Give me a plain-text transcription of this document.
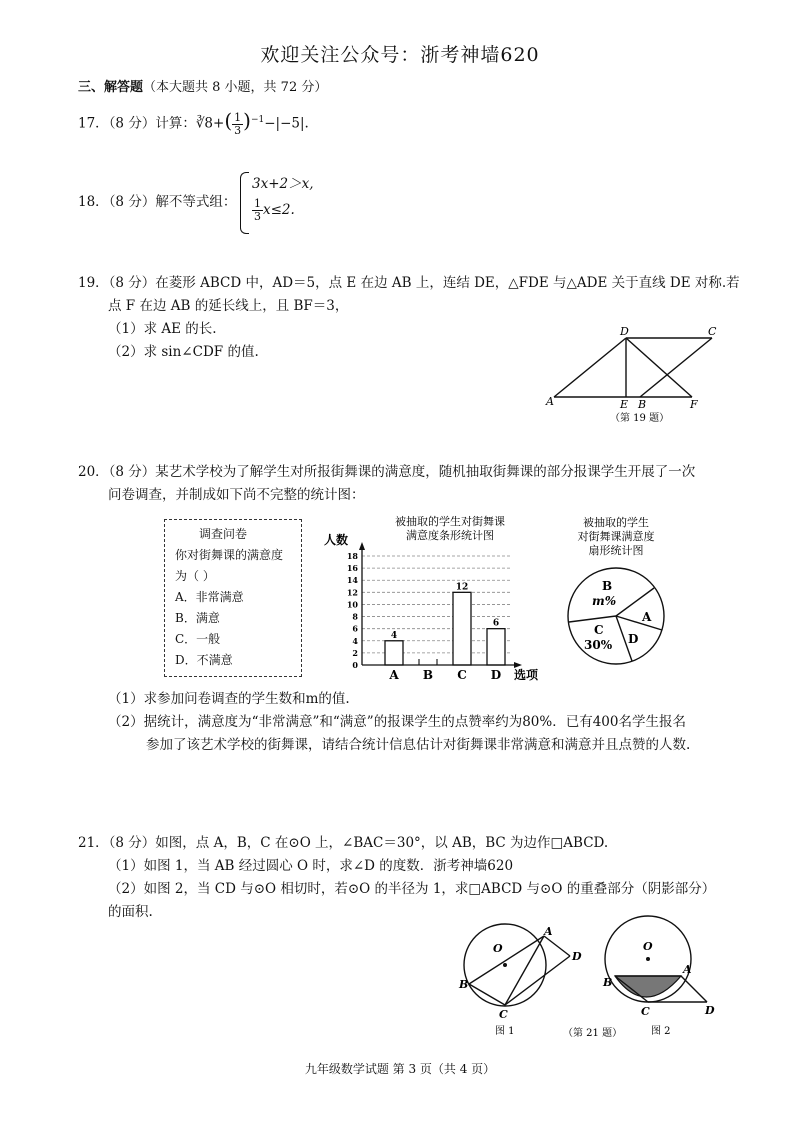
欢迎关注公众号：浙考神墙620
三、解答题（本大题共 8 小题，共 72 分）
17．（8 分）计算：∛8+( $\frac{1}{3} )^{-1}-|-5|$.
18．（8 分）解不等式组：
3x+2＞x,
$\frac{1}{3} x\le 2$.
19．（8 分）在菱形 ABCD 中，AD＝5，点 E 在边 AB 上，连结 DE，△FDE 与△ADE 关于直线 DE 对称.若
点 F 在边 AB 的延长线上，且 BF＝3，
（1）求 AE 的长.
（2）求 sin∠CDF 的值.
D	C
A	E B	F
（第 19 题）
20．（8 分）某艺术学校为了解学生对所报街舞课的满意度，随机抽取街舞课的部分报课学生开展了一次
问卷调查，并制成如下尚不完整的统计图：
调查问卷
你对街舞课的满意度
为（ ）
A．非常满意
B．满意
C．一般
D．不满意
被抽取的学生对街舞课
满意度条形统计图
人数
选项
0
2
4
6
8
10
12
14
16
18
A B C D
4
12
6
被抽取的学生
对街舞课满意度
扇形统计图
B
m%
A
D
C
30%
（1）求参加问卷调查的学生数和m的值.
（2）据统计，满意度为“非常满意”和“满意”的报课学生的点赞率约为80%．已有400名学生报名
参加了该艺术学校的街舞课，请结合统计信息估计对街舞课非常满意和满意并且点赞的人数.
21．（8 分）如图，点 A，B，C 在⊙O 上，∠BAC＝30°，以 AB，BC 为边作□ABCD.
（1）如图 1，当 AB 经过圆心 O 时，求∠D 的度数．浙考神墙620
（2）如图 2，当 CD 与⊙O 相切时，若⊙O 的半径为 1，求□ABCD 与⊙O 的重叠部分（阴影部分）
的面积.
O
A
B
C
D
图 1
O
A
B
C	D
图 2
（第 21 题）
九年级数学试题 第 3 页（共 4 页）
